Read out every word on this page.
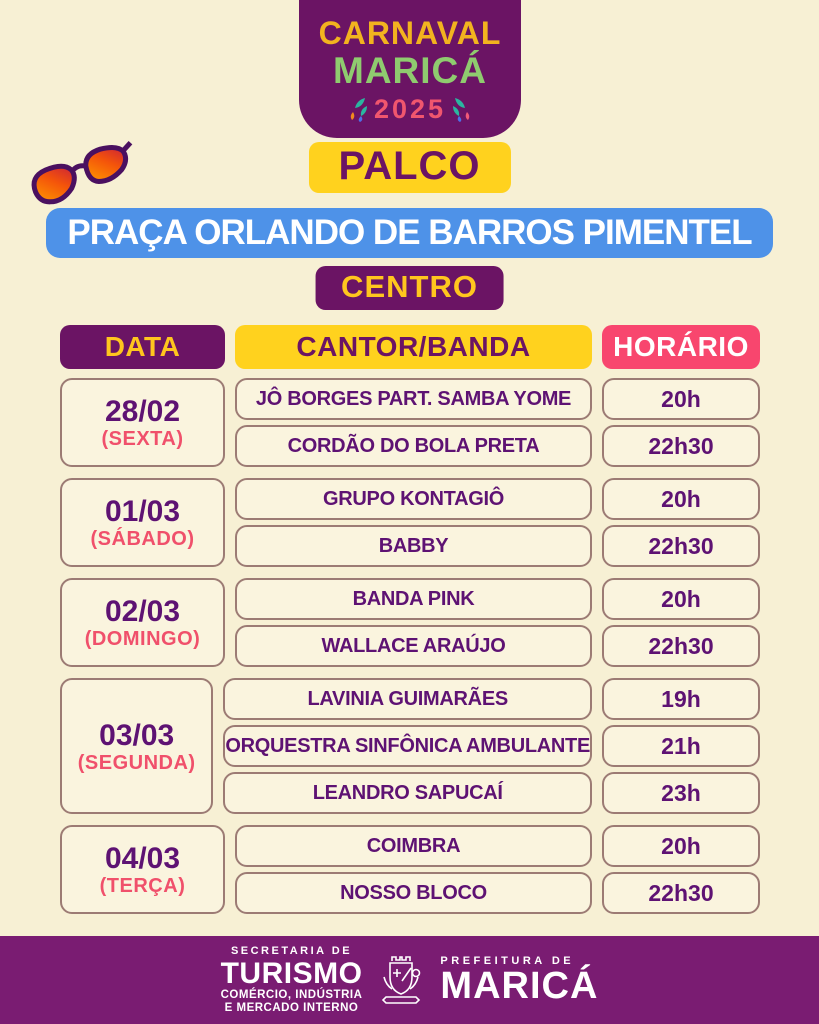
CARNAVAL
MARICÁ
2025
PALCO
PRAÇA ORLANDO DE BARROS PIMENTEL
CENTRO
DATA	CANTOR/BANDA	HORÁRIO
28/02
(SEXTA)
JÔ BORGES PART. SAMBA YOME	20h
CORDÃO DO BOLA PRETA	22h30
01/03
(SÁBADO)
GRUPO KONTAGIÔ	20h
BABBY	22h30
02/03
(DOMINGO)
BANDA PINK	20h
WALLACE ARAÚJO	22h30
03/03
(SEGUNDA)
LAVINIA GUIMARÃES	19h
ORQUESTRA SINFÔNICA AMBULANTE	21h
LEANDRO SAPUCAÍ	23h
04/03
(TERÇA)
COIMBRA	20h
NOSSO BLOCO	22h30
SECRETARIA DE
TURISMO
COMÉRCIO, INDÚSTRIA
E MERCADO INTERNO
PREFEITURA DE
MARICÁ
